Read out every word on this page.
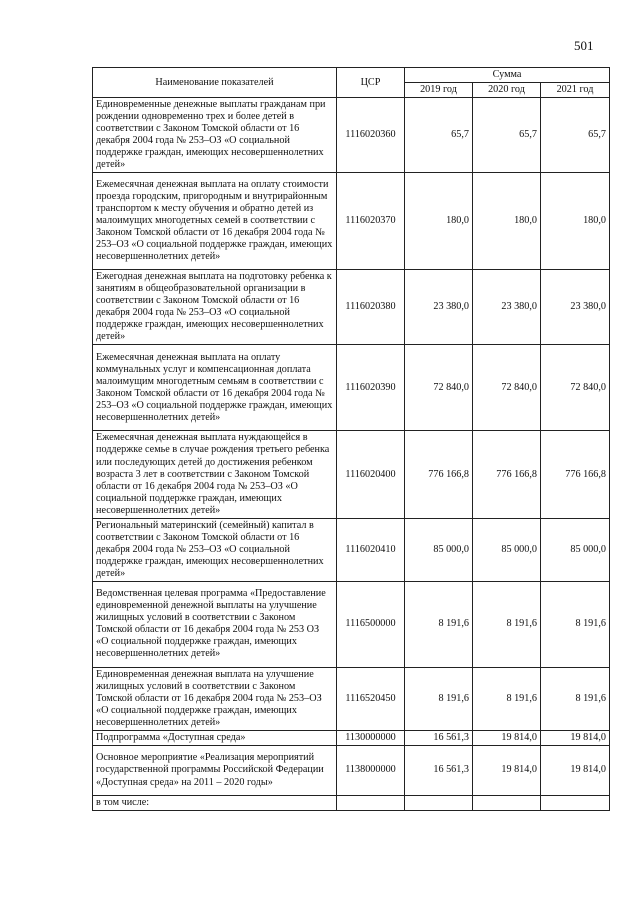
501
Наименование показателей	ЦСР	Сумма		
		2019 год	2020 год	2021 год
Единовременные денежные выплаты гражданам при рождении одновременно трех и более детей в соответствии с Законом Томской области от 16 декабря 2004 года № 253–ОЗ «О социальной поддержке граждан, имеющих несовершеннолетних детей»	1116020360	65,7	65,7	65,7
Ежемесячная денежная выплата на оплату стоимости проезда городским, пригородным и внутрирайонным транспортом к месту обучения и обратно детей из малоимущих многодетных семей в соответствии с Законом Томской области от 16 декабря 2004 года № 253–ОЗ «О социальной поддержке граждан, имеющих несовершеннолетних детей»	1116020370	180,0	180,0	180,0
Ежегодная денежная выплата на подготовку ребенка к занятиям в общеобразовательной организации в соответствии с Законом Томской области от 16 декабря 2004 года № 253–ОЗ «О социальной поддержке граждан, имеющих несовершеннолетних детей»	1116020380	23 380,0	23 380,0	23 380,0
Ежемесячная денежная выплата на оплату коммунальных услуг и компенсационная доплата малоимущим многодетным семьям в соответствии с Законом Томской области от 16 декабря 2004 года № 253–ОЗ «О социальной поддержке граждан, имеющих несовершеннолетних детей»	1116020390	72 840,0	72 840,0	72 840,0
Ежемесячная денежная выплата нуждающейся в поддержке семье в случае рождения третьего ребенка или последующих детей до достижения ребенком возраста 3 лет в соответствии с Законом Томской области от 16 декабря 2004 года № 253–ОЗ «О социальной поддержке граждан, имеющих несовершеннолетних детей»	1116020400	776 166,8	776 166,8	776 166,8
Региональный материнский (семейный) капитал в соответствии с Законом Томской области от 16 декабря 2004 года № 253–ОЗ «О социальной поддержке граждан, имеющих несовершеннолетних детей»	1116020410	85 000,0	85 000,0	85 000,0
Ведомственная целевая программа «Предоставление единовременной денежной выплаты на улучшение жилищных условий в соответствии с Законом Томской области от 16 декабря 2004 года № 253 ОЗ «О социальной поддержке граждан, имеющих несовершеннолетних детей»	1116500000	8 191,6	8 191,6	8 191,6
Единовременная денежная выплата на улучшение жилищных условий в соответствии с Законом Томской области от 16 декабря 2004 года № 253–ОЗ «О социальной поддержке граждан, имеющих несовершеннолетних детей»	1116520450	8 191,6	8 191,6	8 191,6
Подпрограмма «Доступная среда»	1130000000	16 561,3	19 814,0	19 814,0
Основное мероприятие «Реализация мероприятий государственной программы Российской Федерации «Доступная среда» на 2011 – 2020 годы»	1138000000	16 561,3	19 814,0	19 814,0
в том числе:				
